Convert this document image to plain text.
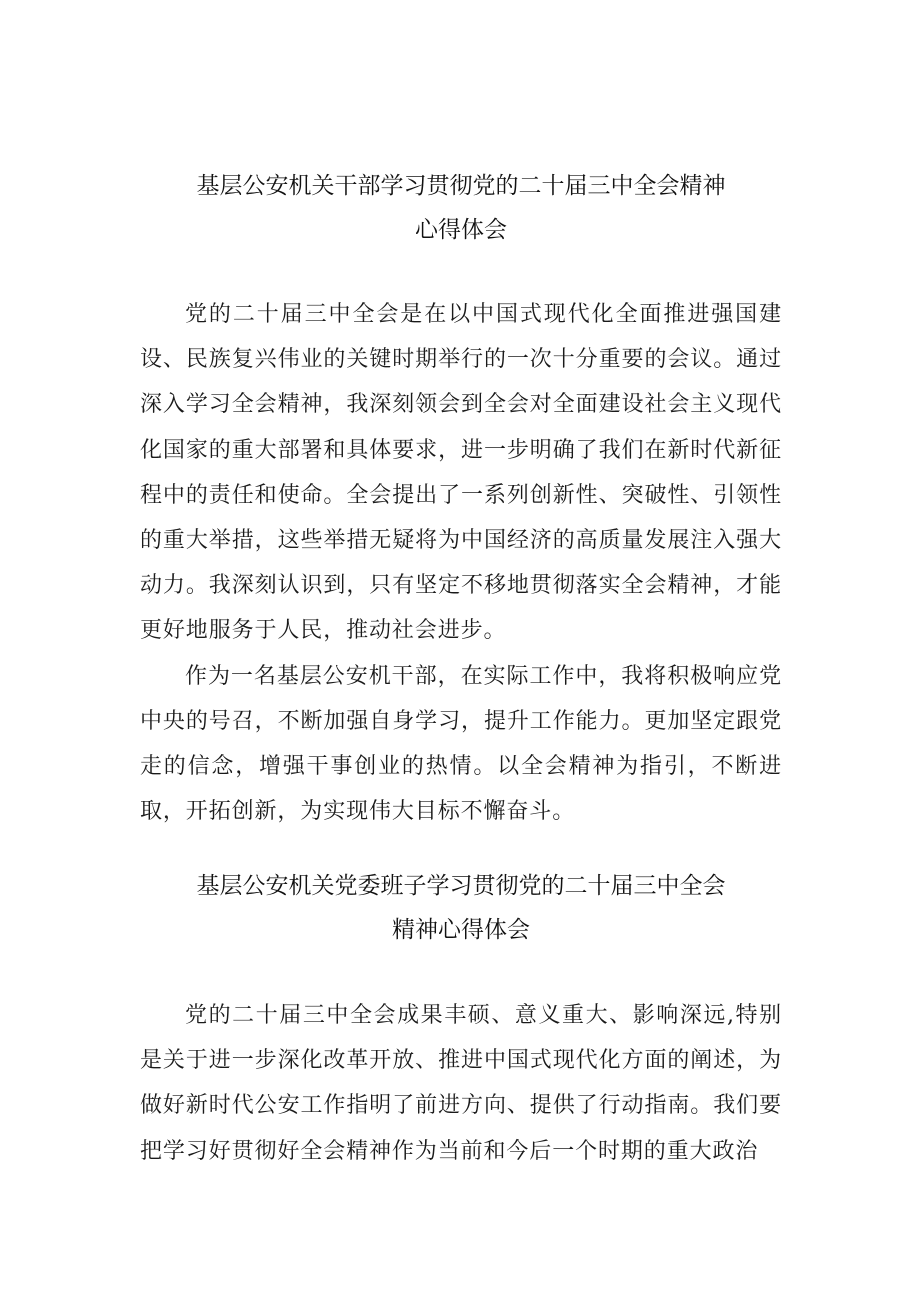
基层公安机关干部学习贯彻党的二十届三中全会精神
心得体会

党的二十届三中全会是在以中国式现代化全面推进强国建设、民族复兴伟业的关键时期举行的一次十分重要的会议。通过深入学习全会精神，我深刻领会到全会对全面建设社会主义现代化国家的重大部署和具体要求，进一步明确了我们在新时代新征程中的责任和使命。全会提出了一系列创新性、突破性、引领性的重大举措，这些举措无疑将为中国经济的高质量发展注入强大动力。我深刻认识到，只有坚定不移地贯彻落实全会精神，才能更好地服务于人民，推动社会进步。

作为一名基层公安机干部，在实际工作中，我将积极响应党中央的号召，不断加强自身学习，提升工作能力。更加坚定跟党走的信念，增强干事创业的热情。以全会精神为指引，不断进取，开拓创新，为实现伟大目标不懈奋斗。

基层公安机关党委班子学习贯彻党的二十届三中全会
精神心得体会

党的二十届三中全会成果丰硕、意义重大、影响深远,特别是关于进一步深化改革开放、推进中国式现代化方面的阐述，为做好新时代公安工作指明了前进方向、提供了行动指南。我们要把学习好贯彻好全会精神作为当前和今后一个时期的重大政治
